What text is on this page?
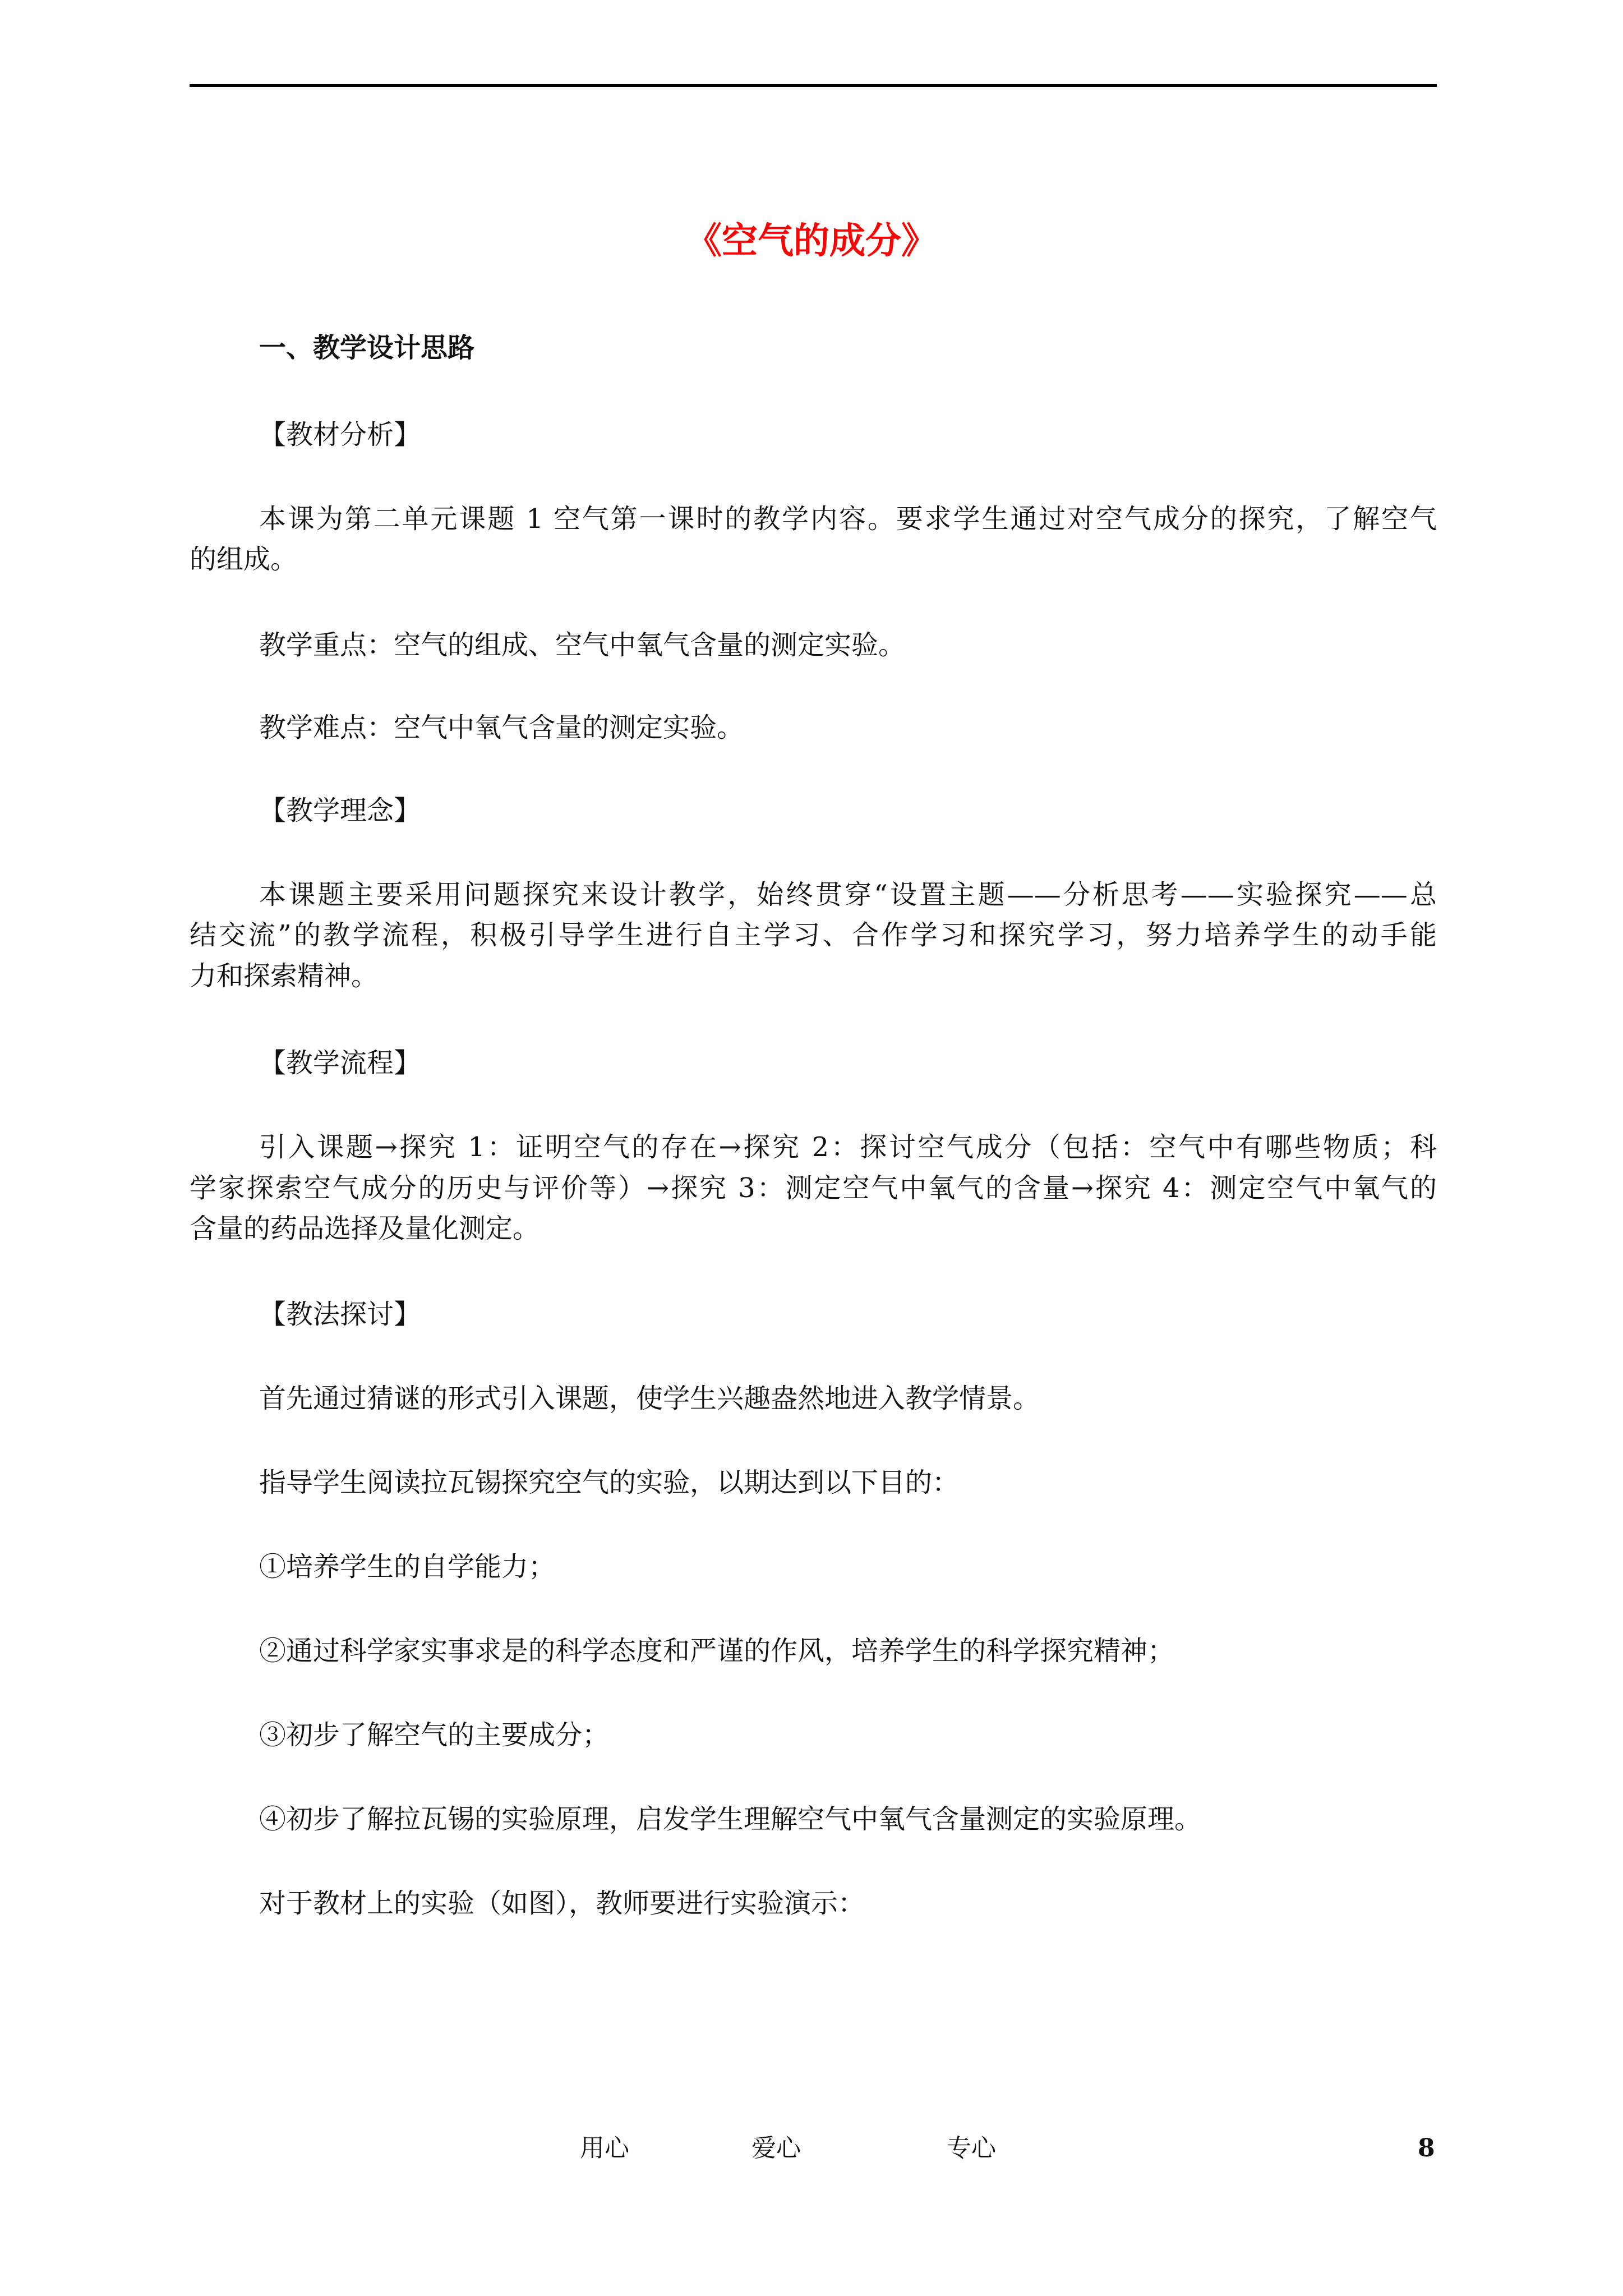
《空气的成分》
一、教学设计思路
【教材分析】
本课为第二单元课题 1 空气第一课时的教学内容。要求学生通过对空气成分的探究，了解空气
的组成。
教学重点：空气的组成、空气中氧气含量的测定实验。
教学难点：空气中氧气含量的测定实验。
【教学理念】
本课题主要采用问题探究来设计教学，始终贯穿“设置主题——分析思考——实验探究——总
结交流”的教学流程，积极引导学生进行自主学习、合作学习和探究学习，努力培养学生的动手能
力和探索精神。
【教学流程】
引入课题→探究 1：证明空气的存在→探究 2：探讨空气成分（包括：空气中有哪些物质；科
学家探索空气成分的历史与评价等）→探究 3：测定空气中氧气的含量→探究 4：测定空气中氧气的
含量的药品选择及量化测定。
【教法探讨】
首先通过猜谜的形式引入课题，使学生兴趣盎然地进入教学情景。
指导学生阅读拉瓦锡探究空气的实验，以期达到以下目的：
①培养学生的自学能力；
②通过科学家实事求是的科学态度和严谨的作风，培养学生的科学探究精神；
③初步了解空气的主要成分；
④初步了解拉瓦锡的实验原理，启发学生理解空气中氧气含量测定的实验原理。
对于教材上的实验（如图），教师要进行实验演示：
用心	爱心	专心	8
